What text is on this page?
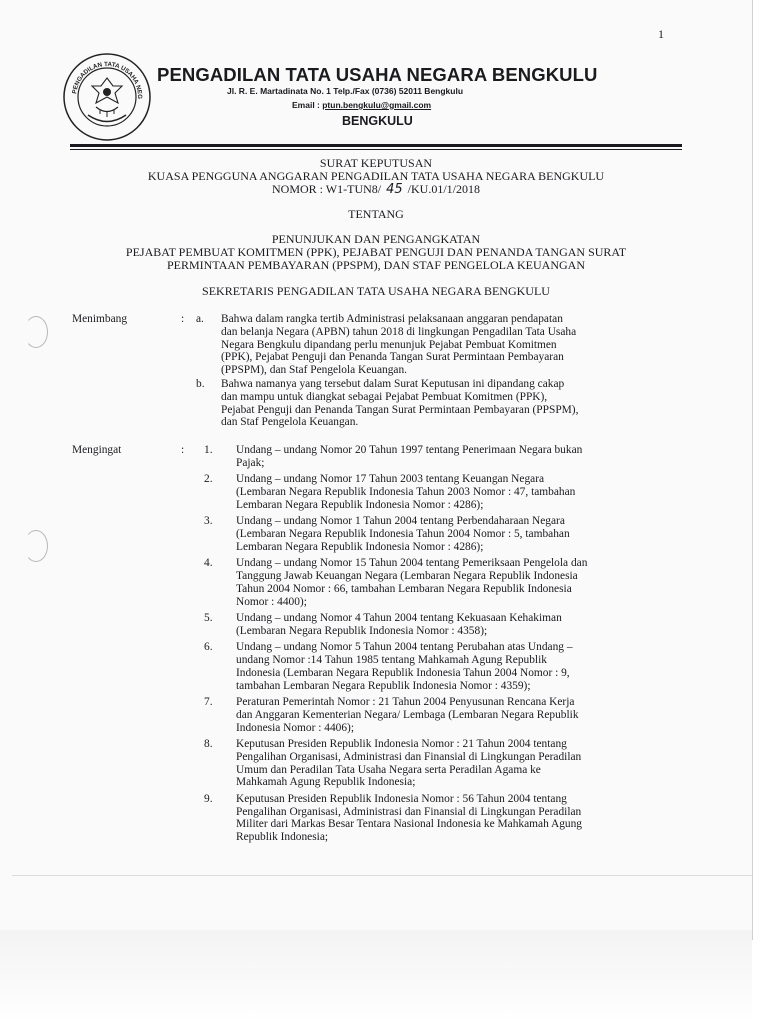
1
PENGADILAN TATA USAHA NEG
PENGADILAN TATA USAHA NEGARA BENGKULU
Jl. R. E. Martadinata No. 1 Telp./Fax (0736) 52011 Bengkulu
Email : ptun.bengkulu@gmail.com
BENGKULU
SURAT KEPUTUSAN
KUASA PENGGUNA ANGGARAN PENGADILAN TATA USAHA NEGARA BENGKULU
NOMOR : W1-TUN8/ 45 /KU.01/1/2018
TENTANG
PENUNJUKAN DAN PENGANGKATAN
PEJABAT PEMBUAT KOMITMEN (PPK), PEJABAT PENGUJI DAN PENANDA TANGAN SURAT
PERMINTAAN PEMBAYARAN (PPSPM), DAN STAF PENGELOLA KEUANGAN
SEKRETARIS PENGADILAN TATA USAHA NEGARA BENGKULU
Menimbang	: a. Bahwa dalam rangka tertib Administrasi pelaksanaan anggaran pendapatan
dan belanja Negara (APBN) tahun 2018 di lingkungan Pengadilan Tata Usaha
Negara Bengkulu dipandang perlu menunjuk Pejabat Pembuat Komitmen
(PPK), Pejabat Penguji dan Penanda Tangan Surat Permintaan Pembayaran
(PPSPM), dan Staf Pengelola Keuangan.
b. Bahwa namanya yang tersebut dalam Surat Keputusan ini dipandang cakap
dan mampu untuk diangkat sebagai Pejabat Pembuat Komitmen (PPK),
Pejabat Penguji dan Penanda Tangan Surat Permintaan Pembayaran (PPSPM),
dan Staf Pengelola Keuangan.
Mengingat	: 1. Undang – undang Nomor 20 Tahun 1997 tentang Penerimaan Negara bukan
Pajak;
2. Undang – undang Nomor 17 Tahun 2003 tentang Keuangan Negara
(Lembaran Negara Republik Indonesia Tahun 2003 Nomor : 47, tambahan
Lembaran Negara Republik Indonesia Nomor : 4286);
3. Undang – undang Nomor 1 Tahun 2004 tentang Perbendaharaan Negara
(Lembaran Negara Republik Indonesia Tahun 2004 Nomor : 5, tambahan
Lembaran Negara Republik Indonesia Nomor : 4286);
4. Undang – undang Nomor 15 Tahun 2004 tentang Pemeriksaan Pengelola dan
Tanggung Jawab Keuangan Negara (Lembaran Negara Republik Indonesia
Tahun 2004 Nomor : 66, tambahan Lembaran Negara Republik Indonesia
Nomor : 4400);
5. Undang – undang Nomor 4 Tahun 2004 tentang Kekuasaan Kehakiman
(Lembaran Negara Republik Indonesia Nomor : 4358);
6. Undang – undang Nomor 5 Tahun 2004 tentang Perubahan atas Undang –
undang Nomor :14 Tahun 1985 tentang Mahkamah Agung Republik
Indonesia (Lembaran Negara Republik Indonesia Tahun 2004 Nomor : 9,
tambahan Lembaran Negara Republik Indonesia Nomor : 4359);
7. Peraturan Pemerintah Nomor : 21 Tahun 2004 Penyusunan Rencana Kerja
dan Anggaran Kementerian Negara/ Lembaga (Lembaran Negara Republik
Indonesia Nomor : 4406);
8. Keputusan Presiden Republik Indonesia Nomor : 21 Tahun 2004 tentang
Pengalihan Organisasi, Administrasi dan Finansial di Lingkungan Peradilan
Umum dan Peradilan Tata Usaha Negara serta Peradilan Agama ke
Mahkamah Agung Republik Indonesia;
9. Keputusan Presiden Republik Indonesia Nomor : 56 Tahun 2004 tentang
Pengalihan Organisasi, Administrasi dan Finansial di Lingkungan Peradilan
Militer dari Markas Besar Tentara Nasional Indonesia ke Mahkamah Agung
Republik Indonesia;
